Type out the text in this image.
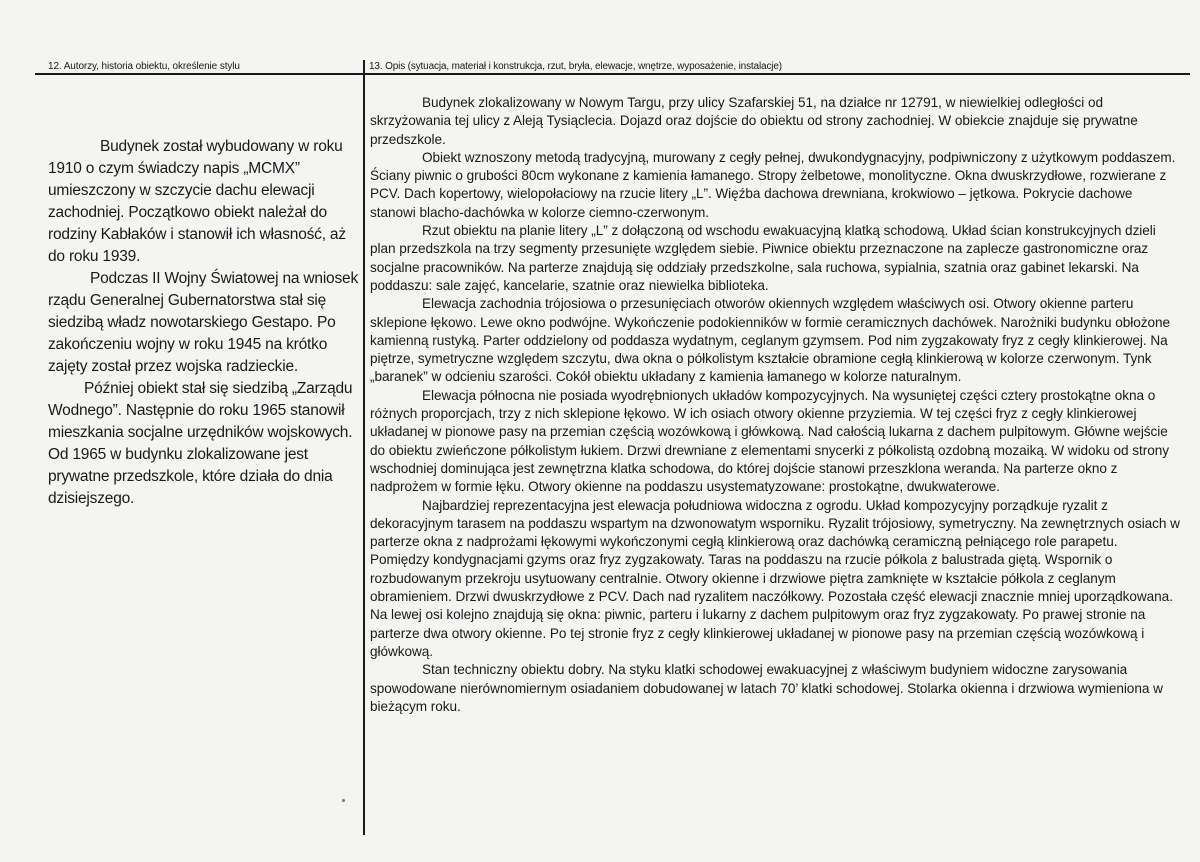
12. Autorzy, historia obiektu, określenie stylu	13. Opis (sytuacja, materiał i konstrukcja, rzut, bryła, elewacje, wnętrze, wyposażenie, instalacje)

Budynek został wybudowany w roku 1910 o czym świadczy napis „MCMX” umieszczony w szczycie dachu elewacji zachodniej. Początkowo obiekt należał do rodziny Kabłaków i stanowił ich własność, aż do roku 1939.

Podczas II Wojny Światowej na wniosek rządu Generalnej Gubernatorstwa stał się siedzibą władz nowotarskiego Gestapo. Po zakończeniu wojny w roku 1945 na krótko zajęty został przez wojska radzieckie.

Później obiekt stał się siedzibą „Zarządu Wodnego”. Następnie do roku 1965 stanowił mieszkania socjalne urzędników wojskowych. Od 1965 w budynku zlokalizowane jest prywatne przedszkole, które działa do dnia dzisiejszego.

Budynek zlokalizowany w Nowym Targu, przy ulicy Szafarskiej 51, na działce nr 12791, w niewielkiej odległości od skrzyżowania tej ulicy z Aleją Tysiąclecia. Dojazd oraz dojście do obiektu od strony zachodniej. W obiekcie znajduje się prywatne przedszkole.

Obiekt wznoszony metodą tradycyjną, murowany z cegły pełnej, dwukondygnacyjny, podpiwniczony z użytkowym poddaszem. Ściany piwnic o grubości 80cm wykonane z kamienia łamanego. Stropy żelbetowe, monolityczne. Okna dwuskrzydłowe, rozwierane z PCV. Dach kopertowy, wielopołaciowy na rzucie litery „L”. Więźba dachowa drewniana, krokwiowo – jętkowa. Pokrycie dachowe stanowi blacho-dachówka w kolorze ciemno-czerwonym.

Rzut obiektu na planie litery „L” z dołączoną od wschodu ewakuacyjną klatką schodową. Układ ścian konstrukcyjnych dzieli plan przedszkola na trzy segmenty przesunięte względem siebie. Piwnice obiektu przeznaczone na zaplecze gastronomiczne oraz socjalne pracowników. Na parterze znajdują się oddziały przedszkolne, sala ruchowa, sypialnia, szatnia oraz gabinet lekarski. Na poddaszu: sale zajęć, kancelarie, szatnie oraz niewielka biblioteka.

Elewacja zachodnia trójosiowa o przesunięciach otworów okiennych względem właściwych osi. Otwory okienne parteru sklepione łękowo. Lewe okno podwójne. Wykończenie podokienników w formie ceramicznych dachówek. Narożniki budynku obłożone kamienną rustyką. Parter oddzielony od poddasza wydatnym, ceglanym gzymsem. Pod nim zygzakowaty fryz z cegły klinkierowej. Na piętrze, symetryczne względem szczytu, dwa okna o półkolistym kształcie obramione cegłą klinkierową w kolorze czerwonym. Tynk „baranek” w odcieniu szarości. Cokół obiektu układany z kamienia łamanego w kolorze naturalnym.

Elewacja północna nie posiada wyodrębnionych układów kompozycyjnych. Na wysuniętej części cztery prostokątne okna o różnych proporcjach, trzy z nich sklepione łękowo. W ich osiach otwory okienne przyziemia. W tej części fryz z cegły klinkierowej układanej w pionowe pasy na przemian częścią wozówkową i główkową. Nad całością lukarna z dachem pulpitowym. Główne wejście do obiektu zwieńczone półkolistym łukiem. Drzwi drewniane z elementami snycerki z półkolistą ozdobną mozaiką. W widoku od strony wschodniej dominująca jest zewnętrzna klatka schodowa, do której dojście stanowi przeszklona weranda. Na parterze okno z nadprożem w formie łęku. Otwory okienne na poddaszu usystematyzowane: prostokątne, dwukwaterowe.

Najbardziej reprezentacyjna jest elewacja południowa widoczna z ogrodu. Układ kompozycyjny porządkuje ryzalit z dekoracyjnym tarasem na poddaszu wspartym na dzwonowatym wsporniku. Ryzalit trójosiowy, symetryczny. Na zewnętrznych osiach w parterze okna z nadprożami łękowymi wykończonymi cegłą klinkierową oraz dachówką ceramiczną pełniącego role parapetu. Pomiędzy kondygnacjami gzyms oraz fryz zygzakowaty. Taras na poddaszu na rzucie półkola z balustrada giętą. Wspornik o rozbudowanym przekroju usytuowany centralnie. Otwory okienne i drzwiowe piętra zamknięte w kształcie półkola z ceglanym obramieniem. Drzwi dwuskrzydłowe z PCV. Dach nad ryzalitem naczółkowy. Pozostała część elewacji znacznie mniej uporządkowana. Na lewej osi kolejno znajdują się okna: piwnic, parteru i lukarny z dachem pulpitowym oraz fryz zygzakowaty. Po prawej stronie na parterze dwa otwory okienne. Po tej stronie fryz z cegły klinkierowej układanej w pionowe pasy na przemian częścią wozówkową i główkową.

Stan techniczny obiektu dobry. Na styku klatki schodowej ewakuacyjnej z właściwym budyniem widoczne zarysowania spowodowane nierównomiernym osiadaniem dobudowanej w latach 70’ klatki schodowej. Stolarka okienna i drzwiowa wymieniona w bieżącym roku.
